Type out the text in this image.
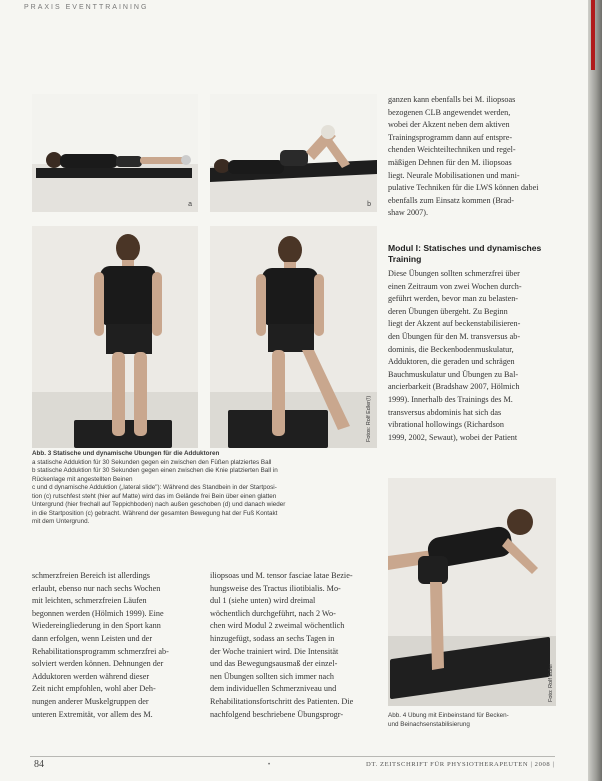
PRAXIS EVENTTRAINING
a	b
Fotos: Rolf Edler(!)

Abb. 3 Statische und dynamische Übungen für die Adduktoren

a statische Adduktion für 30 Sekunden gegen ein zwischen den Füßen platziertes Ball

b statische Adduktion für 30 Sekunden gegen einen zwischen die Knie platzierten Ball in

Rückenlage mit angestellten Beinen

c und d dynamische Adduktion („lateral slide"): Während des Standbein in der Startposi-

tion (c) rutschfest steht (hier auf Matte) wird das im Gelände frei Bein über einen glatten

Untergrund (hier frechall auf Teppichboden) nach außen geschoben (d) und danach wieder

in die Startposition (c) gebracht. Während der gesamten Bewegung hat der Fuß Kontakt

mit dem Untergrund.

ganzen kann ebenfalls bei M. iliopsoas

bezogenen CLB angewendet werden,

wobei der Akzent neben dem aktiven

Trainingsprogramm dann auf entspre-

chenden Weichteiltechniken und regel-

mäßigen Dehnen für den M. iliopsoas

liegt. Neurale Mobilisationen und mani-

pulative Techniken für die LWS können dabei

ebenfalls zum Einsatz kommen (Brad-

shaw 2007).

Modul I: Statisches und dynamisches

Training

Diese Übungen sollten schmerzfrei über

einen Zeitraum von zwei Wochen durch-

geführt werden, bevor man zu belasten-

deren Übungen übergeht. Zu Beginn

liegt der Akzent auf beckenstabilisieren-

den Übungen für den M. transversus ab-

dominis, die Beckenbodenmuskulatur,

Adduktoren, die geraden und schrägen

Bauchmuskulatur und Übungen zu Bal-

ancierbarkeit (Bradshaw 2007, Hölmich

1999). Innerhalb des Trainings des M.

transversus abdominis hat sich das

vibrational hollowings (Richardson

1999, 2002, Sewaut), wobei der Patient

Foto: Rolf Edler

Abb. 4 Übung mit Einbeinstand für Becken-

und Beinachsenstabilisierung

schmerzfreien Bereich ist allerdings

erlaubt, ebenso nur nach sechs Wochen

mit leichten, schmerzfreien Läufen

begonnen werden (Hölmich 1999). Eine

Wiedereingliederung in den Sport kann

dann erfolgen, wenn Leisten und der

Rehabilitationsprogramm schmerzfrei ab-

solviert werden können. Dehnungen der

Adduktoren werden während dieser

Zeit nicht empfohlen, wohl aber Deh-

nungen anderer Muskelgruppen der

unteren Extremität, vor allem des M.

iliopsoas und M. tensor fasciae latae Bezie-

hungsweise des Tractus iliotibialis. Mo-

dul 1 (siehe unten) wird dreimal

wöchentlich durchgeführt, nach 2 Wo-

chen wird Modul 2 zweimal wöchentlich

hinzugefügt, sodass an sechs Tagen in

der Woche trainiert wird. Die Intensität

und das Bewegungsausmaß der einzel-

nen Übungen sollten sich immer nach

dem individuellen Schmerzniveau und

Rehabilitationsfortschritt des Patienten. Die

nachfolgend beschriebene Übungsprogr-

84	•	DT. ZEITSCHRIFT FÜR PHYSIOTHERAPEUTEN | 2008 |
